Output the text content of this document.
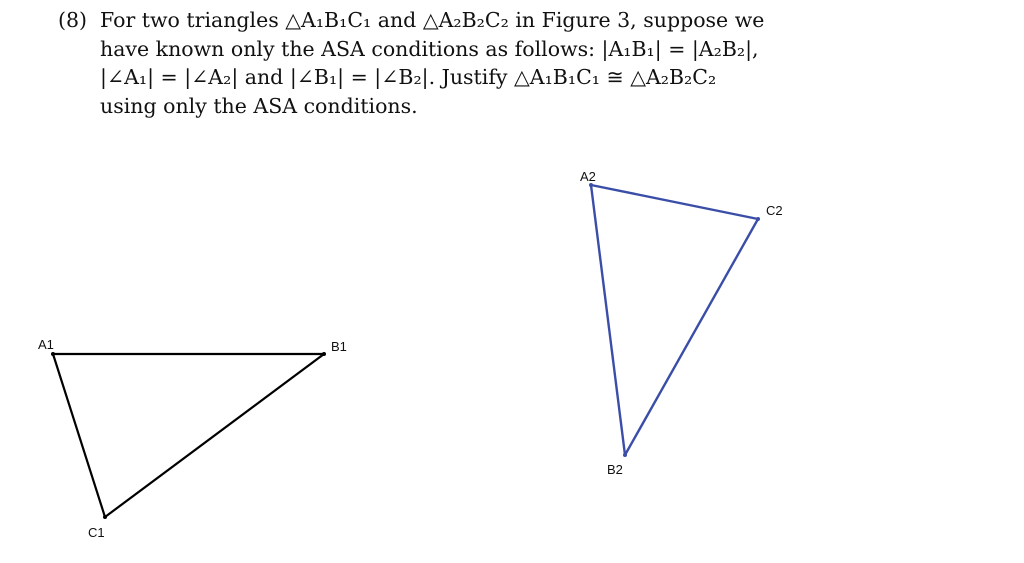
(8) For two triangles △A₁B₁C₁ and △A₂B₂C₂ in Figure 3, suppose we
have known only the ASA conditions as follows: |A₁B₁| = |A₂B₂|,
|∠A₁| = |∠A₂| and |∠B₁| = |∠B₂|. Justify △A₁B₁C₁ ≅ △A₂B₂C₂
using only the ASA conditions.
A1	B1
C1
A2
B2
C2
